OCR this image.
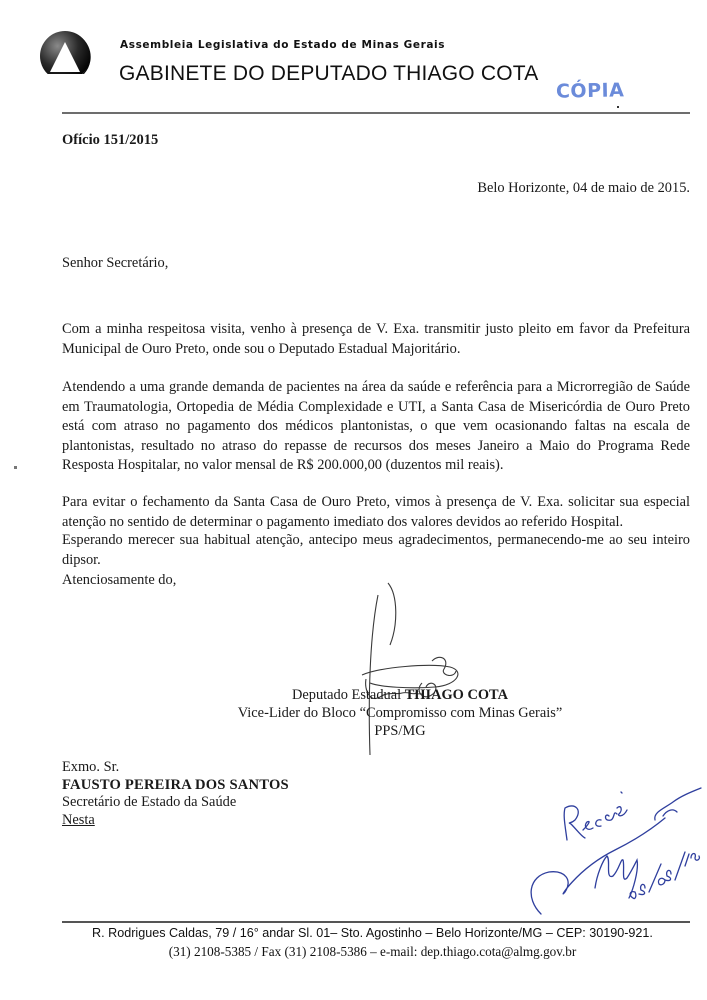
Assembleia Legislativa do Estado de Minas Gerais
GABINETE DO DEPUTADO THIAGO COTA
CÓPIA
Ofício 151/2015
Belo Horizonte, 04 de maio de 2015.
Senhor Secretário,
Com a minha respeitosa visita, venho à presença de V. Exa. transmitir justo pleito em favor da Prefeitura Municipal de Ouro Preto, onde sou o Deputado Estadual Majoritário.
Atendendo a uma grande demanda de pacientes na área da saúde e referência para a Microrregião de Saúde em Traumatologia, Ortopedia de Média Complexidade e UTI, a Santa Casa de Misericórdia de Ouro Preto está com atraso no pagamento dos médicos plantonistas, o que vem ocasionando faltas na escala de plantonistas, resultado no atraso do repasse de recursos dos meses Janeiro a Maio do Programa Rede Resposta Hospitalar, no valor mensal de R$ 200.000,00 (duzentos mil reais).
Para evitar o fechamento da Santa Casa de Ouro Preto, vimos à presença de V. Exa. solicitar sua especial atenção no sentido de determinar o pagamento imediato dos valores devidos ao referido Hospital.
Esperando merecer sua habitual atenção, antecipo meus agradecimentos, permanecendo-me ao seu inteiro dipsor.
Atenciosamente do,
Deputado Estadual THIAGO COTA
Vice-Lider do Bloco “Compromisso com Minas Gerais”
PPS/MG
Exmo. Sr.
FAUSTO PEREIRA DOS SANTOS
Secretário de Estado da Saúde
Nesta
R. Rodrigues Caldas, 79 / 16° andar Sl. 01– Sto. Agostinho – Belo Horizonte/MG – CEP: 30190-921.
(31) 2108-5385 / Fax (31) 2108-5386 – e-mail: dep.thiago.cota@almg.gov.br
